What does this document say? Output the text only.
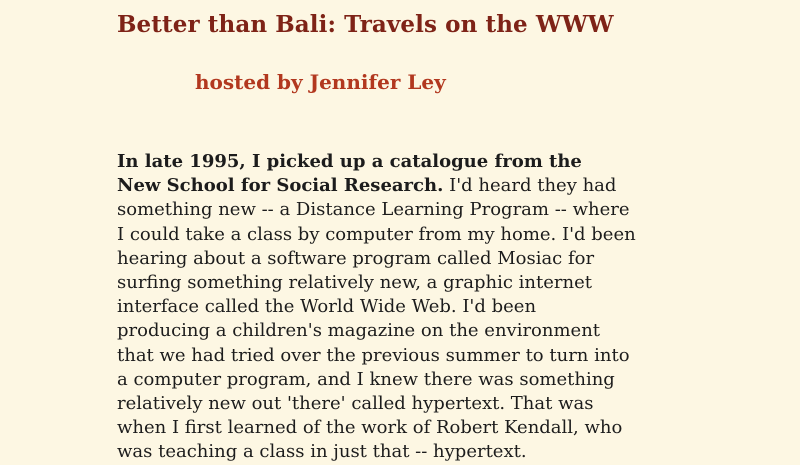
Better than Bali: Travels on the WWW
hosted by Jennifer Ley

In late 1995, I picked up a catalogue from the
New School for Social Research. I'd heard they had
something new -- a Distance Learning Program -- where
I could take a class by computer from my home. I'd been
hearing about a software program called Mosiac for
surfing something relatively new, a graphic internet
interface called the World Wide Web. I'd been
producing a children's magazine on the environment
that we had tried over the previous summer to turn into
a computer program, and I knew there was something
relatively new out 'there' called hypertext. That was
when I first learned of the work of Robert Kendall, who
was teaching a class in just that -- hypertext.
